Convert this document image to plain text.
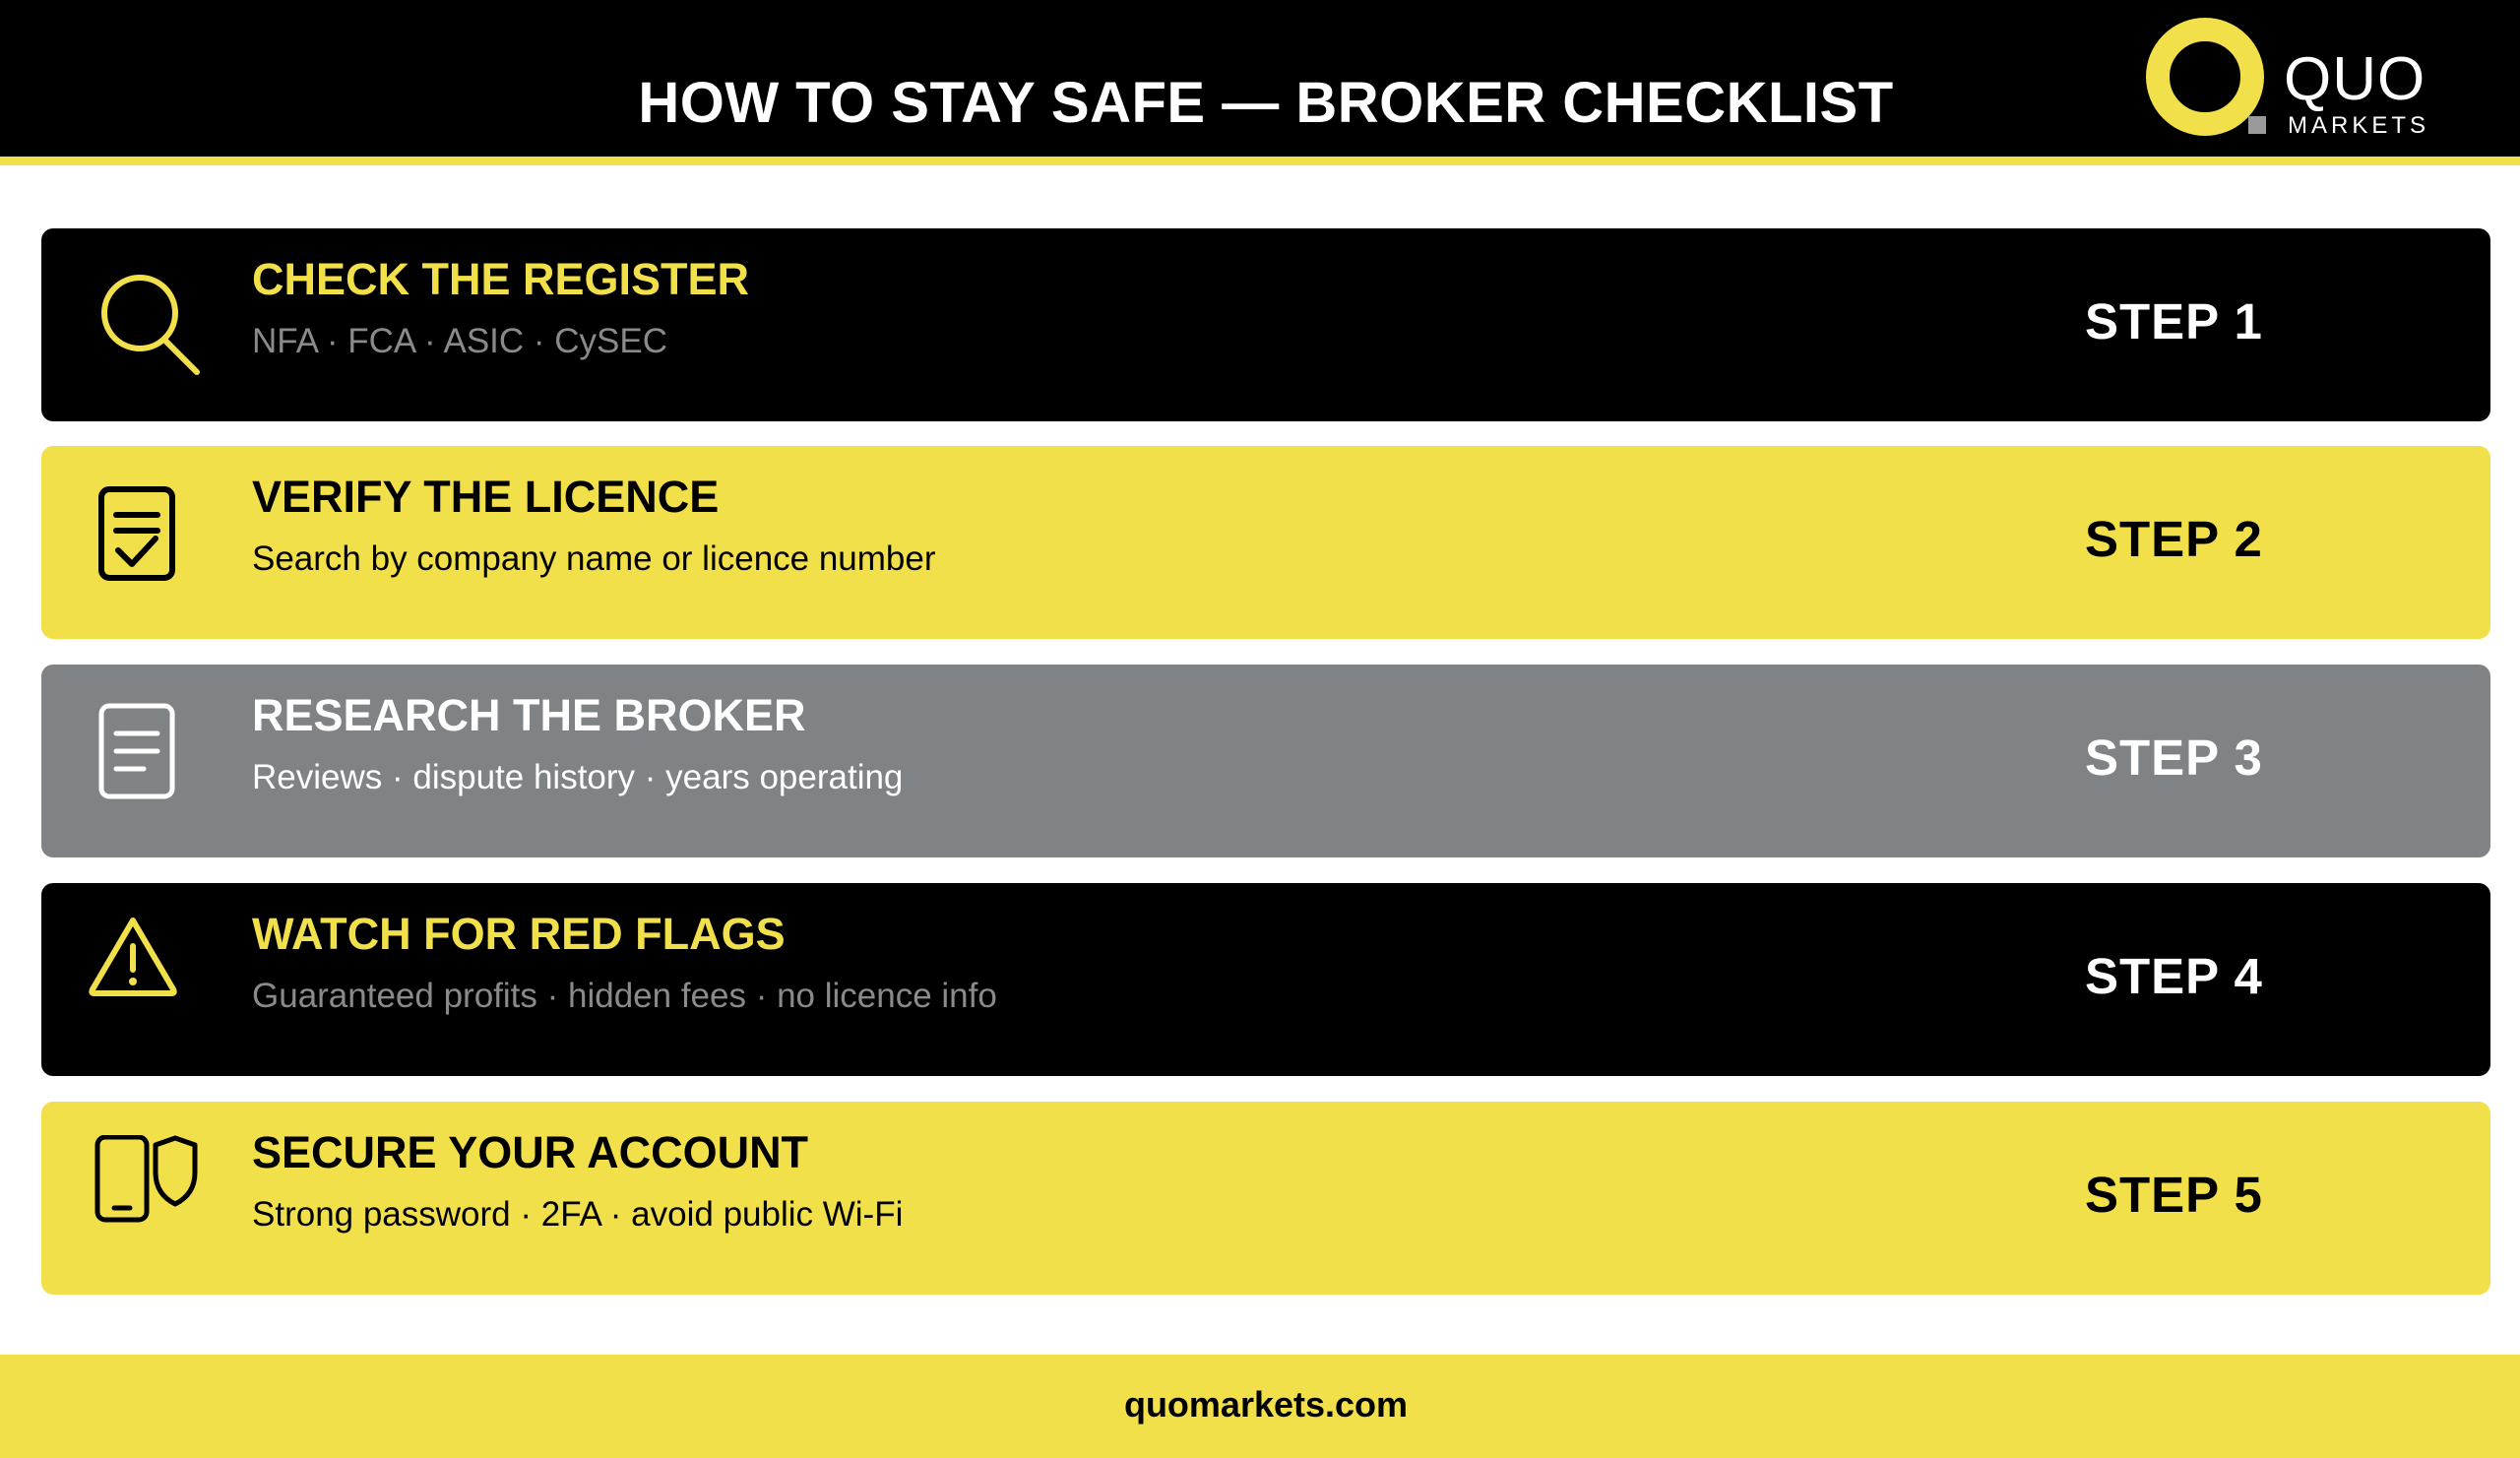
HOW TO STAY SAFE — BROKER CHECKLIST	QUO
MARKETS
CHECK THE REGISTER
NFA · FCA · ASIC · CySEC	STEP 1
VERIFY THE LICENCE
Search by company name or licence number	STEP 2
RESEARCH THE BROKER
Reviews · dispute history · years operating	STEP 3
WATCH FOR RED FLAGS
Guaranteed profits · hidden fees · no licence info	STEP 4
SECURE YOUR ACCOUNT
Strong password · 2FA · avoid public Wi-Fi	STEP 5
quomarkets.com
